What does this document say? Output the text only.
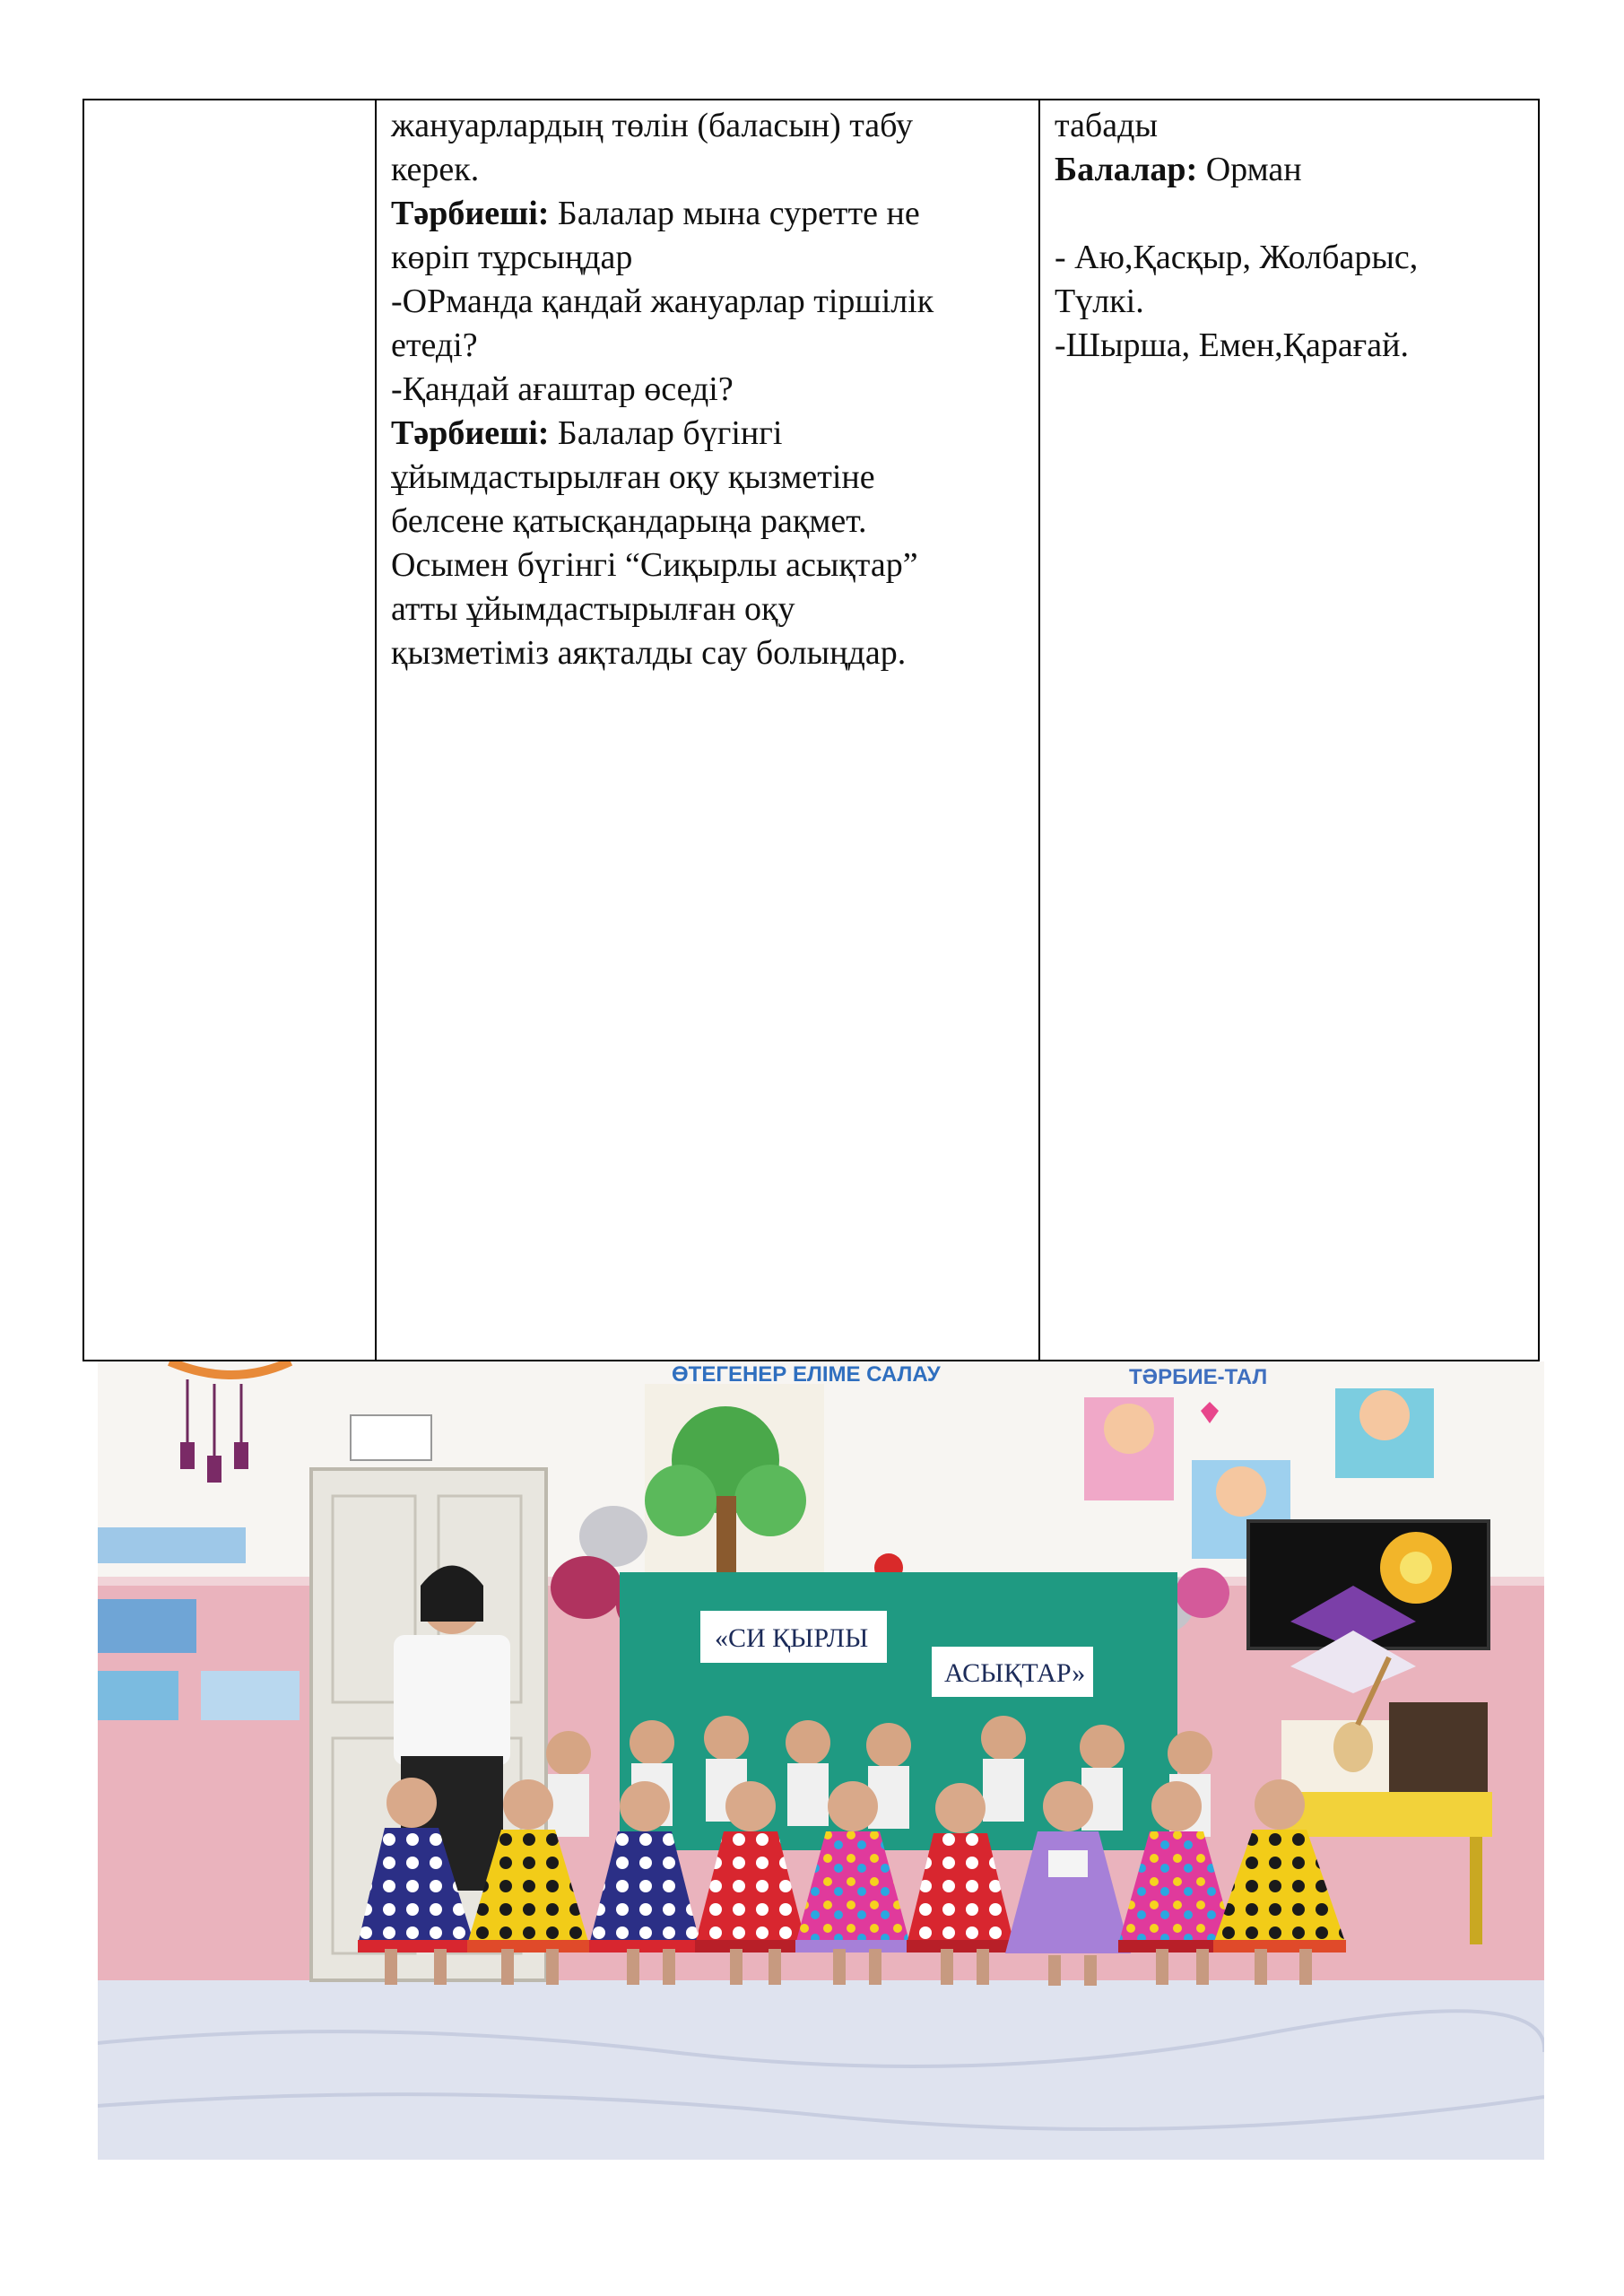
жануарлардың төлін (баласын) табу
керек.
Тәрбиеші: Балалар мына суретте не
көріп тұрсыңдар
-ОРманда қандай жануарлар тіршілік
етеді?
-Қандай ағаштар өседі?
Тәрбиеші: Балалар бүгінгі
ұйымдастырылған оқу қызметіне
белсене қатысқандарыңа рақмет.
Осымен бүгінгі “Сиқырлы асықтар”
атты ұйымдастырылған оқу
қызметіміз аяқталды сау болыңдар.
табады
Балалар: Орман
- Аю,Қасқыр, Жолбарыс,
Түлкі.
-Шырша, Емен,Қарағай.
ӨТЕГЕНЕР ЕЛІМЕ САЛАУ	ТӘРБИЕ-ТАЛ
«СИ ҚЫРЛЫ
АСЫҚТАР»
